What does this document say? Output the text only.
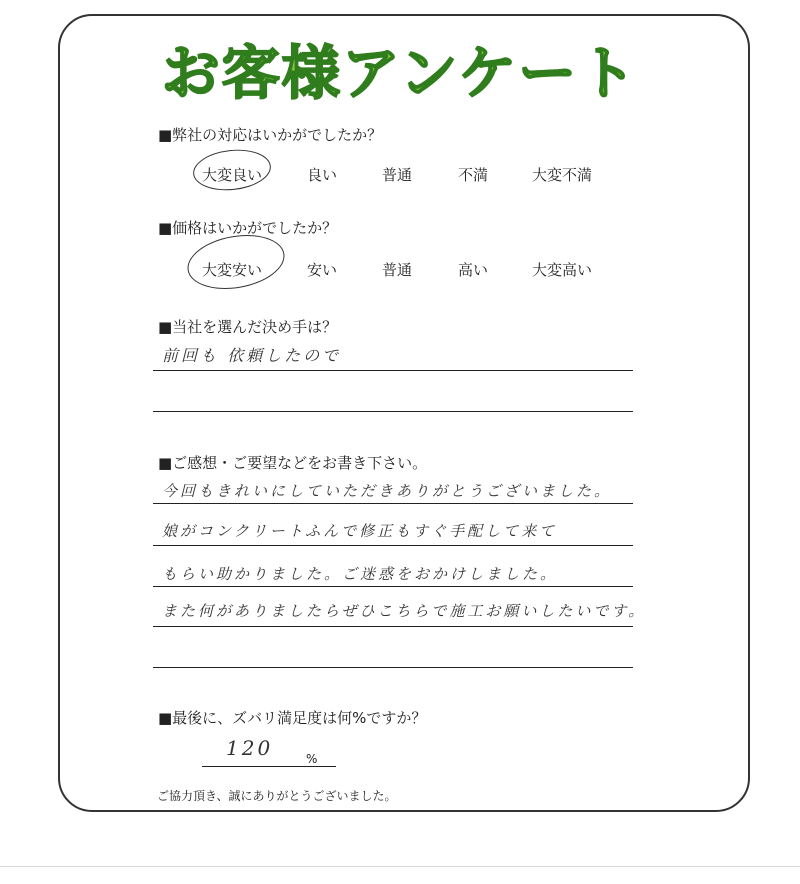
お客様アンケート
■弊社の対応はいかがでしたか？
大変良い	良い	普通	不満	大変不満
■価格はいかがでしたか？
大変安い	安い	普通	高い	大変高い
■当社を選んだ決め手は？
前回も 依頼したので
■ご感想・ご要望などをお書き下さい。
今回もきれいにしていただきありがとうございました。
娘がコンクリートふんで修正もすぐ手配して来て
もらい助かりました。ご迷惑をおかけしました。
また何がありましたらぜひこちらで施工お願いしたいです。
■最後に、ズバリ満足度は何%ですか？
120	%
ご協力頂き、誠にありがとうございました。
